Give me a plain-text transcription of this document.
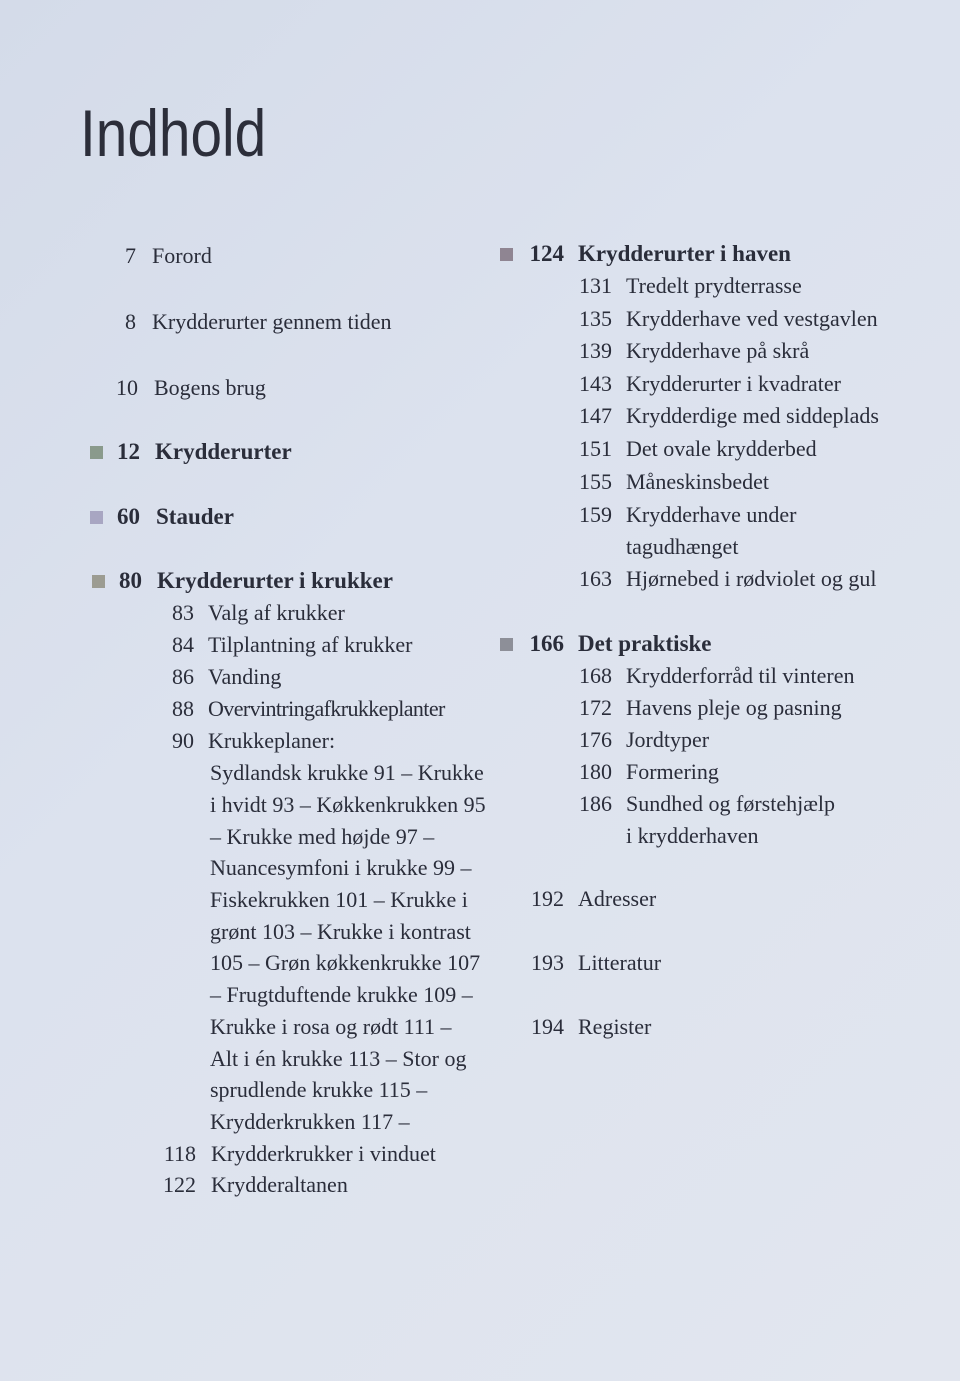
Indhold
7 Forord
8 Krydderurter gennem tiden
10 Bogens brug
12 Krydderurter
60 Stauder
80 Krydderurter i krukker
83 Valg af krukker
84 Tilplantning af krukker
86 Vanding
88 Overvintringafkrukkeplanter
90 Krukkeplaner:
Sydlandsk krukke 91 – Krukke
i hvidt 93 – Køkkenkrukken 95
– Krukke med højde 97 –
Nuancesymfoni i krukke 99 –
Fiskekrukken 101 – Krukke i
grønt 103 – Krukke i kontrast
105 – Grøn køkkenkrukke 107
– Frugtduftende krukke 109 –
Krukke i rosa og rødt 111 –
Alt i én krukke 113 – Stor og
sprudlende krukke 115 –
Krydderkrukken 117 –
118 Krydderkrukker i vinduet
122 Krydderaltanen
124 Krydderurter i haven
131 Tredelt prydterrasse
135 Krydderhave ved vestgavlen
139 Krydderhave på skrå
143 Krydderurter i kvadrater
147 Krydderdige med siddeplads
151 Det ovale krydderbed
155 Måneskinsbedet
159 Krydderhave under
tagudhænget
163 Hjørnebed i rødviolet og gul
166 Det praktiske
168 Krydderforråd til vinteren
172 Havens pleje og pasning
176 Jordtyper
180 Formering
186 Sundhed og førstehjælp
i krydderhaven
192 Adresser
193 Litteratur
194 Register
